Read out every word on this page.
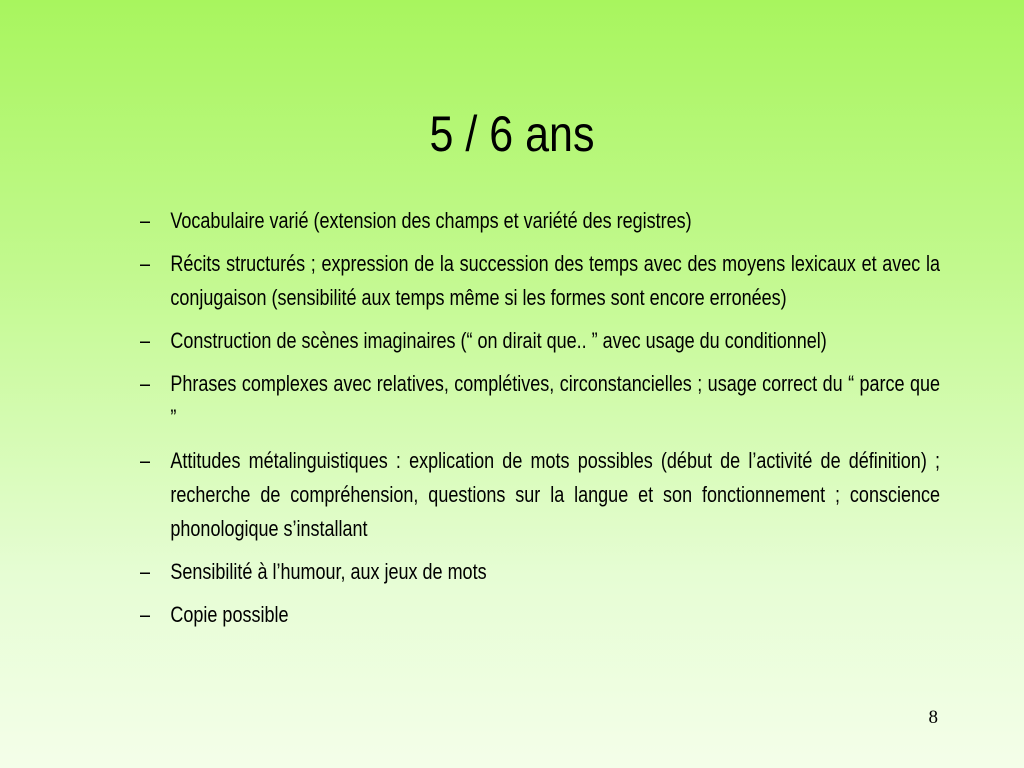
5 / 6 ans
– Vocabulaire varié (extension des champs et variété des registres)
– Récits structurés ; expression de la succession des temps avec des moyens lexicaux et avec la conjugaison (sensibilité aux temps même si les formes sont encore erronées)
– Construction de scènes imaginaires (“ on dirait que.. ” avec usage du conditionnel)
– Phrases complexes avec relatives, complétives, circonstancielles ; usage correct du “ parce que ”
– Attitudes métalinguistiques : explication de mots possibles (début de l’activité de définition) ; recherche de compréhension, questions sur la langue et son fonctionnement ; conscience phonologique s’installant
– Sensibilité à l’humour, aux jeux de mots
– Copie possible
8
